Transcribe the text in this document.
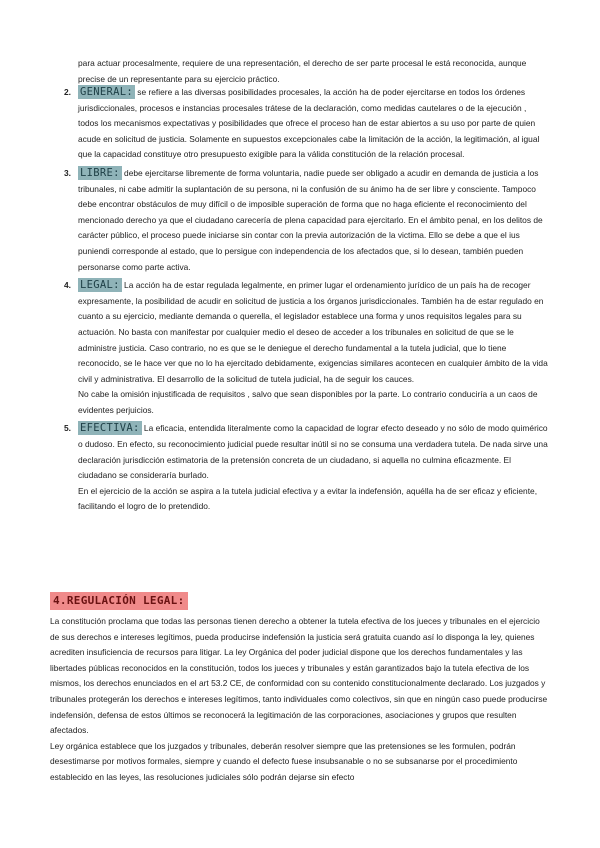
para actuar procesalmente, requiere de una representación, el derecho de ser parte procesal le está reconocida, aunque precise de un representante para su ejercicio práctico.

2. GENERAL: se refiere a las diversas posibilidades procesales, la acción ha de poder ejercitarse en todos los órdenes jurisdiccionales, procesos e instancias procesales trátese de la declaración, como medidas cautelares o de la ejecución , todos los mecanismos expectativas y posibilidades que ofrece el proceso han de estar abiertos a su uso por parte de quien acude en solicitud de justicia. Solamente en supuestos excepcionales cabe la limitación de la acción, la legitimación, al igual que la capacidad constituye otro presupuesto exigible para la válida constitución de la relación procesal.

3. LIBRE: debe ejercitarse libremente de forma voluntaria, nadie puede ser obligado a acudir en demanda de justicia a los tribunales, ni cabe admitir la suplantación de su persona, ni la confusión de su ánimo ha de ser libre y consciente. Tampoco debe encontrar obstáculos de muy difícil o de imposible superación de forma que no haga eficiente el reconocimiento del mencionado derecho ya que el ciudadano carecería de plena capacidad para ejercitarlo. En el ámbito penal, en los delitos de carácter público, el proceso puede iniciarse sin contar con la previa autorización de la victima. Ello se debe a que el ius puniendi corresponde al estado, que lo persigue con independencia de los afectados que, si lo desean, también pueden personarse como parte activa.

4. LEGAL: La acción ha de estar regulada legalmente, en primer lugar el ordenamiento jurídico de un país ha de recoger expresamente, la posibilidad de acudir en solicitud de justicia a los órganos jurisdiccionales. También ha de estar regulado en cuanto a su ejercicio, mediante demanda o querella, el legislador establece una forma y unos requisitos legales para su actuación. No basta con manifestar por cualquier medio el deseo de acceder a los tribunales en solicitud de que se le administre justicia. Caso contrario, no es que se le deniegue el derecho fundamental a la tutela judicial, que lo tiene reconocido, se le hace ver que no lo ha ejercitado debidamente, exigencias similares acontecen en cualquier ámbito de la vida civil y administrativa. El desarrollo de la solicitud de tutela judicial, ha de seguir los cauces.

No cabe la omisión injustificada de requisitos , salvo que sean disponibles por la parte. Lo contrario conduciría a un caos de evidentes perjuicios.

5. EFECTIVA: La eficacia, entendida literalmente como la capacidad de lograr efecto deseado y no sólo de modo quimérico o dudoso. En efecto, su reconocimiento judicial puede resultar inútil si no se consuma una verdadera tutela. De nada sirve una declaración jurisdicción estimatoria de la pretensión concreta de un ciudadano, si aquella no culmina eficazmente. El ciudadano se consideraría burlado.

En el ejercicio de la acción se aspira a la tutela judicial efectiva y a evitar la indefensión, aquélla ha de ser eficaz y eficiente, facilitando el logro de lo pretendido.

4.REGULACIÓN LEGAL:

La constitución proclama que todas las personas tienen derecho a obtener la tutela efectiva de los jueces y tribunales en el ejercicio de sus derechos e intereses legítimos, pueda producirse indefensión la justicia será gratuita cuando así lo disponga la ley, quienes acrediten insuficiencia de recursos para litigar. La ley Orgánica del poder judicial dispone que los derechos fundamentales y las libertades públicas reconocidos en la constitución, todos los jueces y tribunales y están garantizados bajo la tutela efectiva de los mismos, los derechos enunciados en el art 53.2 CE, de conformidad con su contenido constitucionalmente declarado. Los juzgados y tribunales protegerán los derechos e intereses legítimos, tanto individuales como colectivos, sin que en ningún caso puede producirse indefensión, defensa de estos últimos se reconocerá la legitimación de las corporaciones, asociaciones y grupos que resulten afectados.

Ley orgánica establece que los juzgados y tribunales, deberán resolver siempre que las pretensiones se les formulen, podrán desestimarse por motivos formales, siempre y cuando el defecto fuese insubsanable o no se subsanarse por el procedimiento establecido en las leyes, las resoluciones judiciales sólo podrán dejarse sin efecto
